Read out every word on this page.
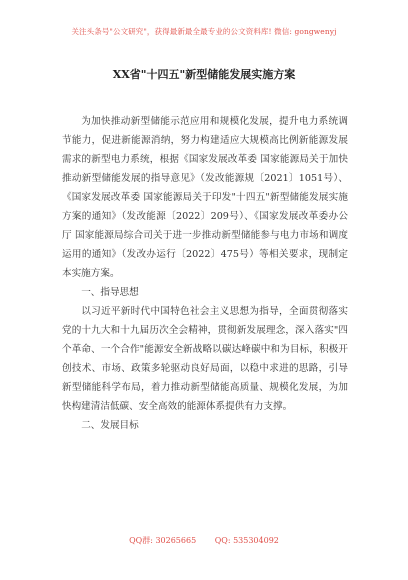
关注头条号"公文研究"，获得最新最全最专业的公文资料库! 微信: gongwenyj
XX省"十四五"新型储能发展实施方案

为加快推动新型储能示范应用和规模化发展，提升电力系统调节能力，促进新能源消纳，努力构建适应大规模高比例新能源发展需求的新型电力系统，根据《国家发展改革委 国家能源局关于加快推动新型储能发展的指导意见》（发改能源规〔2021〕1051号）、《国家发展改革委 国家能源局关于印发"十四五"新型储能发展实施方案的通知》（发改能源〔2022〕209号）、《国家发展改革委办公厅 国家能源局综合司关于进一步推动新型储能参与电力市场和调度运用的通知》（发改办运行〔2022〕475号）等相关要求，现制定本实施方案。

一、指导思想

以习近平新时代中国特色社会主义思想为指导，全面贯彻落实党的十九大和十九届历次全会精神，贯彻新发展理念，深入落实"四个革命、一个合作"能源安全新战略以碳达峰碳中和为目标，积极开创技术、市场、政策多轮驱动良好局面，以稳中求进的思路，引导新型储能科学布局，着力推动新型储能高质量、规模化发展，为加快构建清洁低碳、安全高效的能源体系提供有力支撑。

二、发展目标

QQ群: 30265665 QQ: 535304092
